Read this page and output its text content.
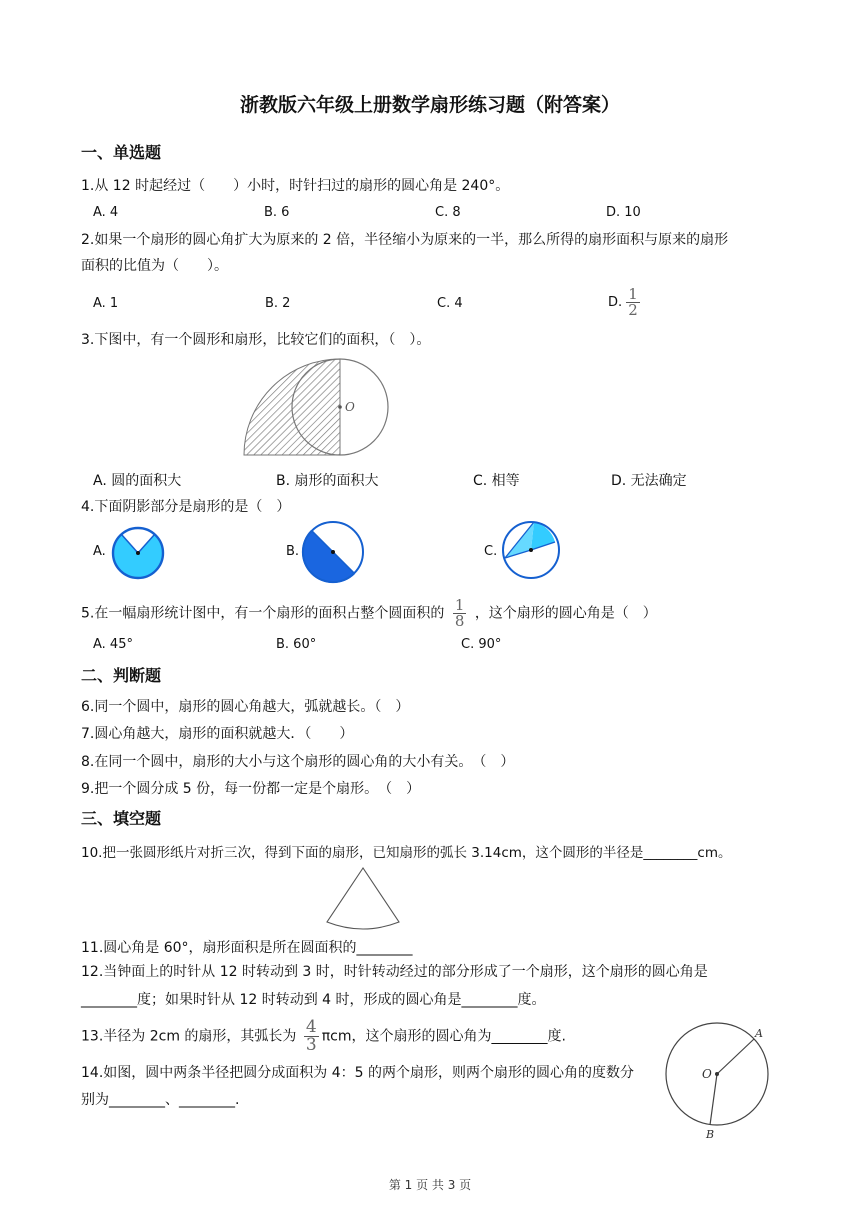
浙教版六年级上册数学扇形练习题（附答案）
一、单选题
1.从 12 时起经过（　　）小时，时针扫过的扇形的圆心角是 240°。
A. 4	B. 6	C. 8	D. 10
2.如果一个扇形的圆心角扩大为原来的 2 倍，半径缩小为原来的一半，那么所得的扇形面积与原来的扇形
面积的比值为（　　）。
A. 1	B. 2	C. 4	D. $\frac{1}{2}$
3.下图中，有一个圆形和扇形，比较它们的面积，（　）。
O
A. 圆的面积大	B. 扇形的面积大	C. 相等	D. 无法确定
4.下面阴影部分是扇形的是（　）
A.	B.	C.
5.在一幅扇形统计图中，有一个扇形的面积占整个圆面积的 $\frac{1}{8}$ ，这个扇形的圆心角是（　）
A. 45°	B. 60°	C. 90°
二、判断题
6.同一个圆中，扇形的圆心角越大，弧就越长。（　）
7.圆心角越大，扇形的面积就越大．（　　）
8.在同一个圆中，扇形的大小与这个扇形的圆心角的大小有关。　（　）
9.把一个圆分成 5 份，每一份都一定是个扇形。　（　）
三、填空题
10.把一张圆形纸片对折三次，得到下面的扇形，已知扇形的弧长 3.14cm，这个圆形的半径是________cm。
11.圆心角是 60°，扇形面积是所在圆面积的________
12.当钟面上的时针从 12 时转动到 3 时，时针转动经过的部分形成了一个扇形，这个扇形的圆心角是
________度；如果时针从 12 时转动到 4 时，形成的圆心角是________度。
13.半径为 2cm 的扇形，其弧长为 $\frac{4}{3}$ πcm，这个扇形的圆心角为________度.
14.如图，圆中两条半径把圆分成面积为 4：5 的两个扇形，则两个扇形的圆心角的度数分
别为________、________.
O
A
B
第 1 页 共 3 页
